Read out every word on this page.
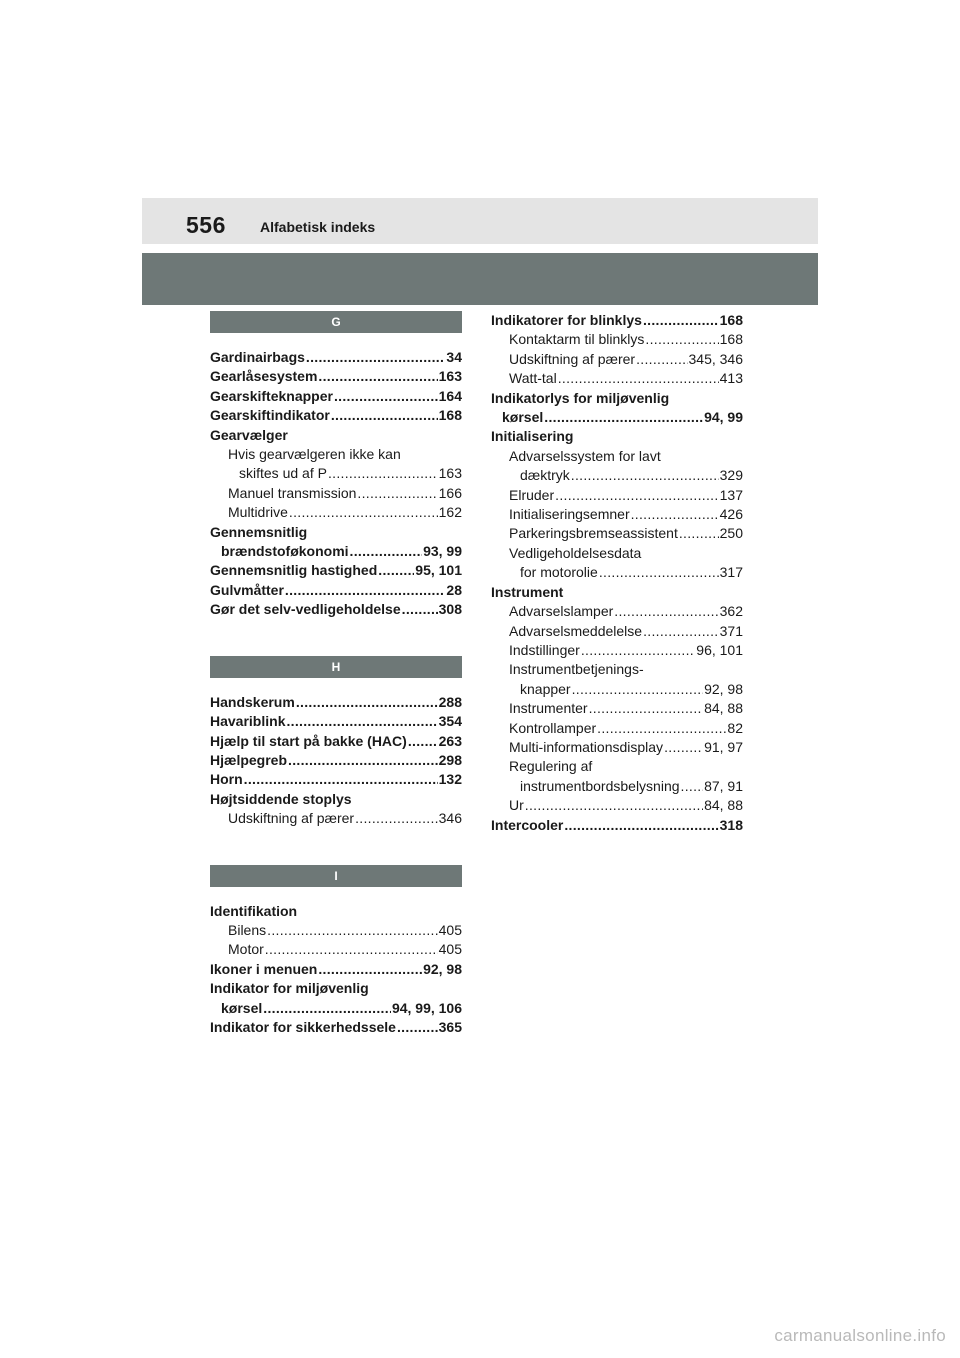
556 Alfabetisk indeks
G
Gardinairbags .....	34
Gearlåsesystem .....	163
Gearskifteknapper .....	164
Gearskiftindikator .....	168
Gearvælger
Hvis gearvælgeren ikke kan
skiftes ud af P .....	163
Manuel transmission .....	166
Multidrive .....	162
Gennemsnitlig
brændstoføkonomi .....	93, 99
Gennemsnitlig hastighed .....	95, 101
Gulvmåtter .....	28
Gør det selv-vedligeholdelse .....	308
H
Handskerum .....	288
Havariblink .....	354
Hjælp til start på bakke (HAC) ..... 263
Hjælpegreb .....	298
Horn .....	132
Højtsiddende stoplys
Udskiftning af pærer .....	346
I
Identifikation
Bilens .....	405
Motor .....	405
Ikoner i menuen .....	92, 98
Indikator for miljøvenlig
kørsel .....	94, 99, 106
Indikator for sikkerhedssele .....	365
Indikatorer for blinklys .....	168
Kontaktarm til blinklys .....	168
Udskiftning af pærer .....	345, 346
Watt-tal .....	413
Indikatorlys for miljøvenlig
kørsel .....	94, 99
Initialisering
Advarselssystem for lavt
dæktryk .....	329
Elruder .....	137
Initialiseringsemner .....	426
Parkeringsbremseassistent .....	250
Vedligeholdelsesdata
for motorolie .....	317
Instrument
Advarselslamper .....	362
Advarselsmeddelelse .....	371
Indstillinger .....	96, 101
Instrumentbetjenings-
knapper .....	92, 98
Instrumenter .....	84, 88
Kontrollamper .....	82
Multi-informationsdisplay .....	91, 97
Regulering af
instrumentbordsbelysning ..... 87, 91
Ur .....	84, 88
Intercooler .....	318
carmanualsonline.info
